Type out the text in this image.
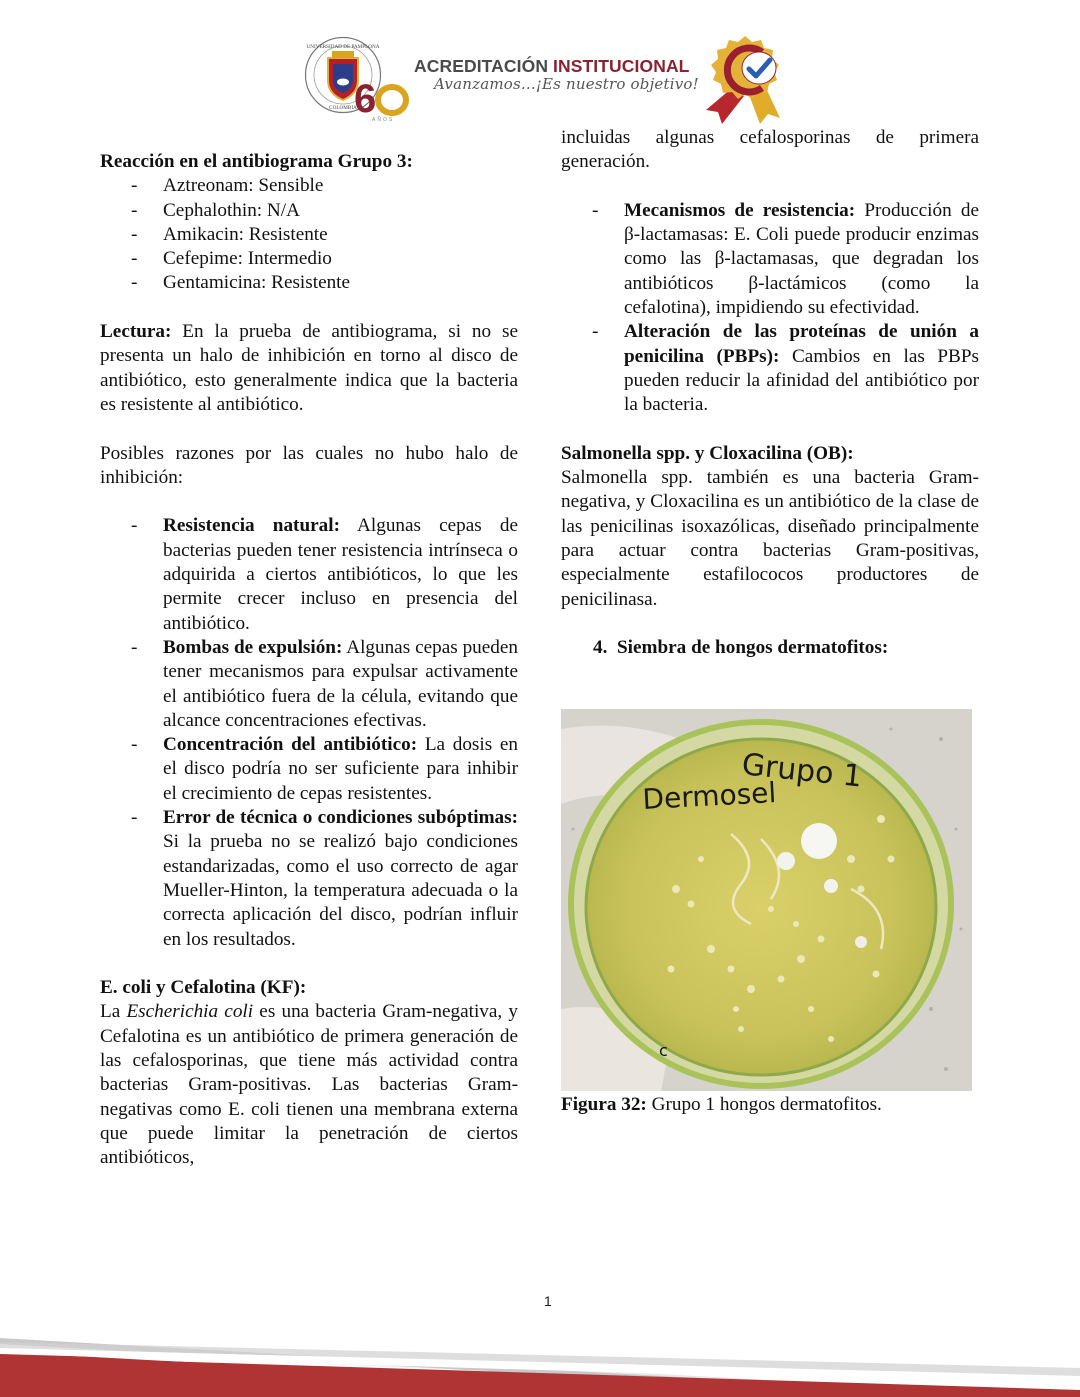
UNIVERSIDAD DE PAMPLONA
COLOMBIA
6
AÑOS
ACREDITACIÓN INSTITUCIONAL
Avanzamos...¡Es nuestro objetivo!

Reacción en el antibiograma Grupo 3:

- Aztreonam: Sensible
- Cephalothin: N/A
- Amikacin: Resistente
- Cefepime: Intermedio
- Gentamicina: Resistente

Lectura: En la prueba de antibiograma, si no se presenta un halo de inhibición en torno al disco de antibiótico, esto generalmente indica que la bacteria es resistente al antibiótico.

Posibles razones por las cuales no hubo halo de inhibición:

- Resistencia natural: Algunas cepas de bacterias pueden tener resistencia intrínseca o adquirida a ciertos antibióticos, lo que les permite crecer incluso en presencia del antibiótico.
- Bombas de expulsión: Algunas cepas pueden tener mecanismos para expulsar activamente el antibiótico fuera de la célula, evitando que alcance concentraciones efectivas.
- Concentración del antibiótico: La dosis en el disco podría no ser suficiente para inhibir el crecimiento de cepas resistentes.
- Error de técnica o condiciones subóptimas: Si la prueba no se realizó bajo condiciones estandarizadas, como el uso correcto de agar Mueller-Hinton, la temperatura adecuada o la correcta aplicación del disco, podrían influir en los resultados.

E. coli y Cefalotina (KF):

La Escherichia coli es una bacteria Gram-negativa, y Cefalotina es un antibiótico de primera generación de las cefalosporinas, que tiene más actividad contra bacterias Gram-positivas. Las bacterias Gram-negativas como E. coli tienen una membrana externa que puede limitar la penetración de ciertos antibióticos,

incluidas algunas cefalosporinas de primera generación.

- Mecanismos de resistencia: Producción de β-lactamasas: E. Coli puede producir enzimas como las β-lactamasas, que degradan los antibióticos β-lactámicos (como la cefalotina), impidiendo su efectividad.
- Alteración de las proteínas de unión a penicilina (PBPs): Cambios en las PBPs pueden reducir la afinidad del antibiótico por la bacteria.

Salmonella spp. y Cloxacilina (OB):

Salmonella spp. también es una bacteria Gram-negativa, y Cloxacilina es un antibiótico de la clase de las penicilinas isoxazólicas, diseñado principalmente para actuar contra bacterias Gram-positivas, especialmente estafilococos productores de penicilinasa.

4. Siembra de hongos dermatofitos:

Grupo 1
Dermosel
c
Figura 32: Grupo 1 hongos dermatofitos.
1
